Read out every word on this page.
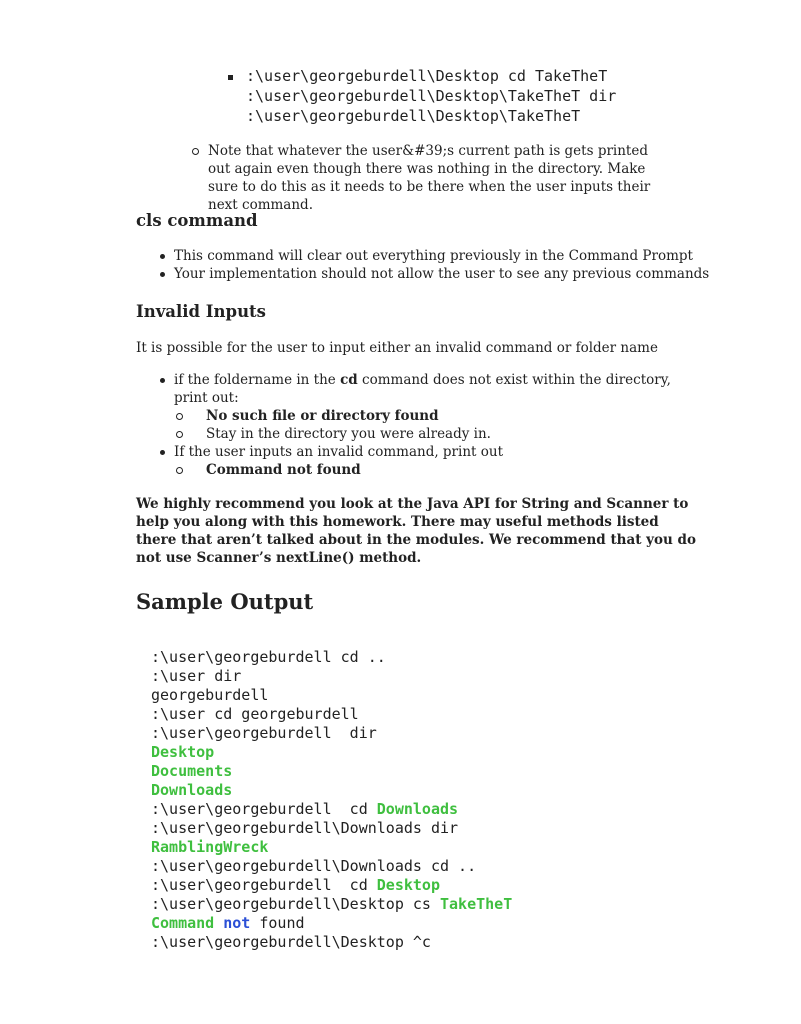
:\user\georgeburdell\Desktop cd TakeTheT
:\user\georgeburdell\Desktop\TakeTheT dir
:\user\georgeburdell\Desktop\TakeTheT
Note that whatever the user&#39;s current path is gets printed out again even though there was nothing in the directory. Make sure to do this as it needs to be there when the user inputs their next command.
cls command
This command will clear out everything previously in the Command Prompt
Your implementation should not allow the user to see any previous commands
Invalid Inputs
It is possible for the user to input either an invalid command or folder name
if the foldername in the cd command does not exist within the directory, print out:
No such file or directory found
Stay in the directory you were already in.
If the user inputs an invalid command, print out
Command not found
We highly recommend you look at the Java API for String and Scanner to help you along with this homework. There may useful methods listed there that aren’t talked about in the modules. We recommend that you do not use Scanner’s nextLine() method.
Sample Output
:\user\georgeburdell cd ..
:\user dir
georgeburdell
:\user cd georgeburdell
:\user\georgeburdell  dir
Desktop
Documents
Downloads
:\user\georgeburdell  cd Downloads
:\user\georgeburdell\Downloads dir
RamblingWreck
:\user\georgeburdell\Downloads cd ..
:\user\georgeburdell  cd Desktop
:\user\georgeburdell\Desktop cs TakeTheT
Command not found
:\user\georgeburdell\Desktop ^c
